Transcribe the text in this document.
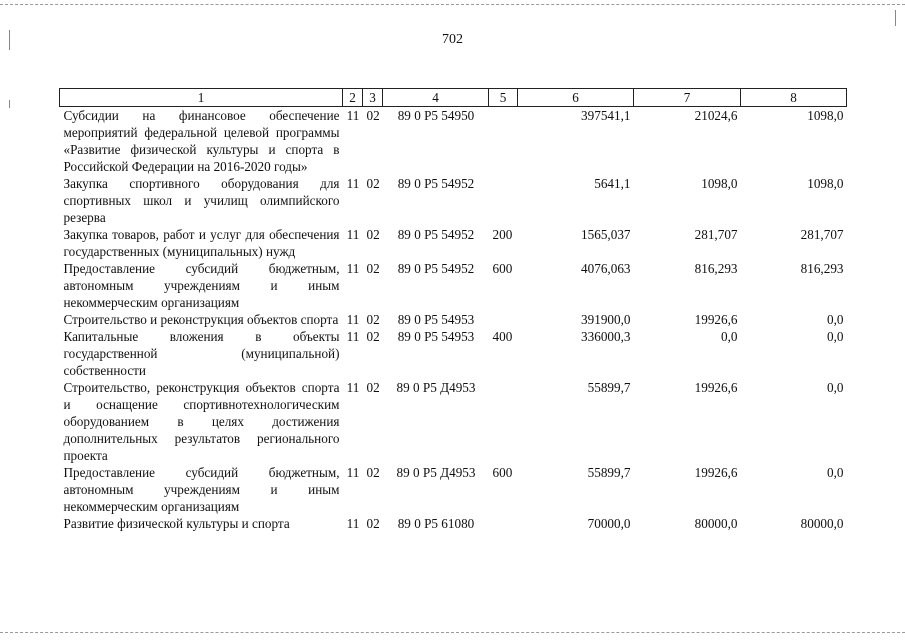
702
1	2	3	4	5	6	7	8
Субсидии на финансовое обеспечение мероприятий федеральной целевой программы «Развитие физической культуры и спорта в Российской Федерации на 2016-2020 годы»	11	02	89 0 P5 54950		397541,1	21024,6	1098,0
Закупка спортивного оборудования для спортивных школ и училищ олимпийского резерва	11	02	89 0 P5 54952		5641,1	1098,0	1098,0
Закупка товаров, работ и услуг для обеспечения государственных (муниципальных) нужд	11	02	89 0 P5 54952	200	1565,037	281,707	281,707
Предоставление субсидий бюджетным, автономным учреждениям и иным некоммерческим организациям	11	02	89 0 P5 54952	600	4076,063	816,293	816,293
Строительство и реконструкция объектов спорта	11	02	89 0 P5 54953		391900,0	19926,6	0,0
Капитальные вложения в объекты государственной (муниципальной) собственности	11	02	89 0 P5 54953	400	336000,3	0,0	0,0
Строительство, реконструкция объектов спорта и оснащение спортивнотехнологическим оборудованием в целях достижения дополнительных результатов регионального проекта	11	02	89 0 P5 Д4953		55899,7	19926,6	0,0
Предоставление субсидий бюджетным, автономным учреждениям и иным некоммерческим организациям	11	02	89 0 P5 Д4953	600	55899,7	19926,6	0,0
Развитие физической культуры и спорта	11	02	89 0 P5 61080		70000,0	80000,0	80000,0
